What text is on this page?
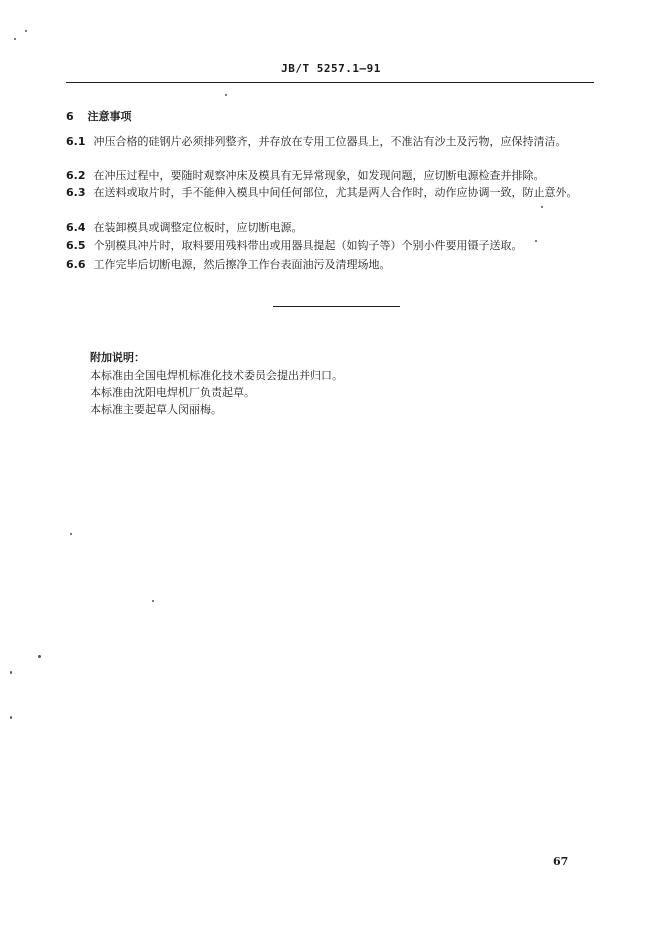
JB/T 5257.1—91
6 注意事项
6.1 冲压合格的硅钢片必须排列整齐，并存放在专用工位器具上，不准沾有沙土及污物，应保持清洁。
6.2 在冲压过程中，要随时观察冲床及模具有无异常现象，如发现问题，应切断电源检查并排除。
6.3 在送料或取片时，手不能伸入模具中间任何部位，尤其是两人合作时，动作应协调一致，防止意外。
6.4 在装卸模具或调整定位板时，应切断电源。
6.5 个别模具冲片时，取料要用残料带出或用器具提起（如钩子等）个别小件要用镊子送取。
6.6 工作完毕后切断电源，然后擦净工作台表面油污及清理场地。
附加说明：
本标准由全国电焊机标准化技术委员会提出并归口。
本标准由沈阳电焊机厂负责起草。
本标准主要起草人闵丽梅。
67
